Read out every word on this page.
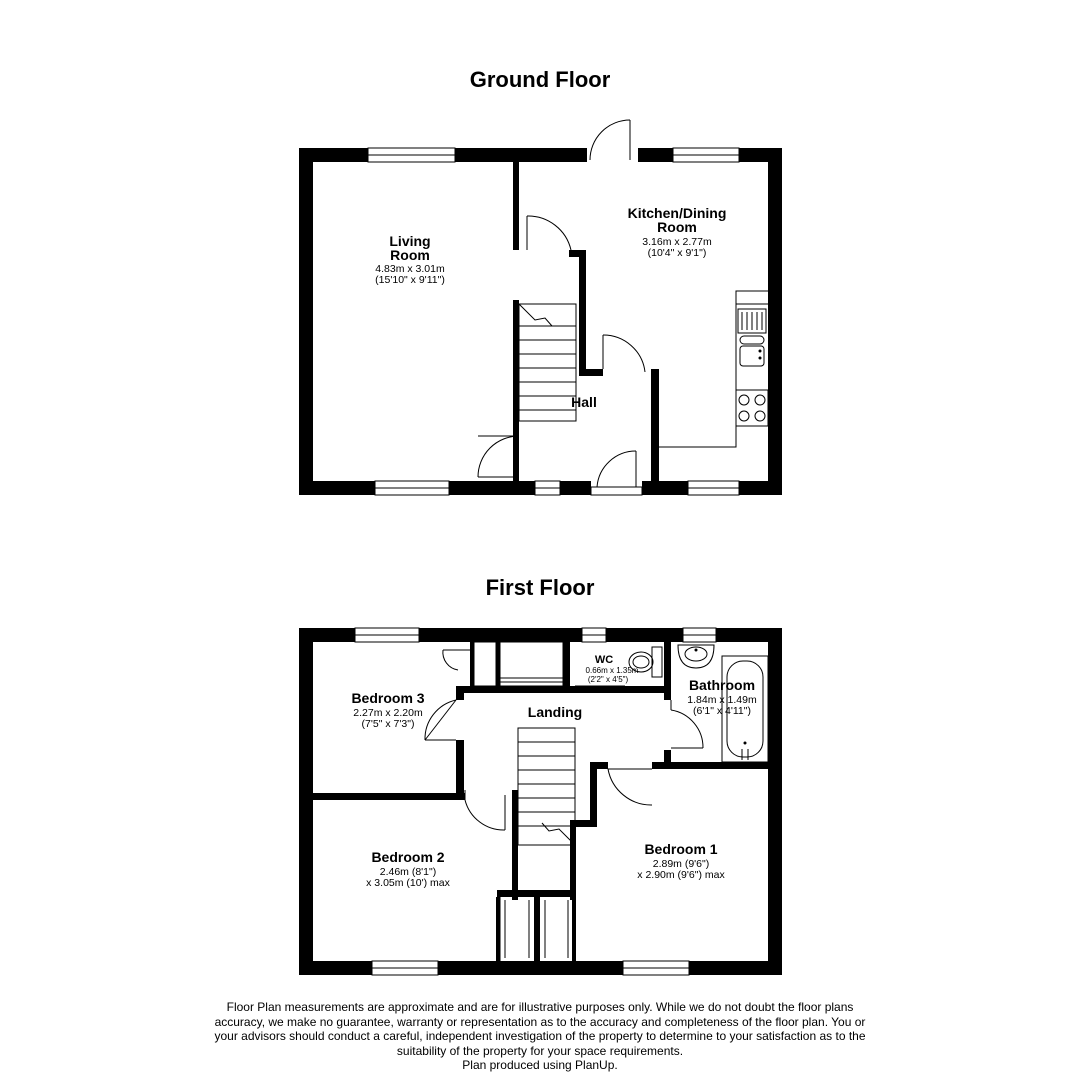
Ground Floor
First Floor
Living
Room
4.83m x 3.01m
(15'10" x 9'11")
Kitchen/Dining
Room
3.16m x 2.77m
(10'4" x 9'1")
Hall
WC
0.66m x 1.35m
(2'2" x 4'5")	Bathroom
1.84m x 1.49m
(6'1" x 4'11")
Bedroom 3
2.27m x 2.20m
(7'5" x 7'3")
Landing
Bedroom 2
2.46m (8'1")
x 3.05m (10') max
Bedroom 1
2.89m (9'6")
x 2.90m (9'6") max
Floor Plan measurements are approximate and are for illustrative purposes only. While we do not doubt the floor plans
accuracy, we make no guarantee, warranty or representation as to the accuracy and completeness of the floor plan. You or
your advisors should conduct a careful, independent investigation of the property to determine to your satisfaction as to the
suitability of the property for your space requirements.
Plan produced using PlanUp.
